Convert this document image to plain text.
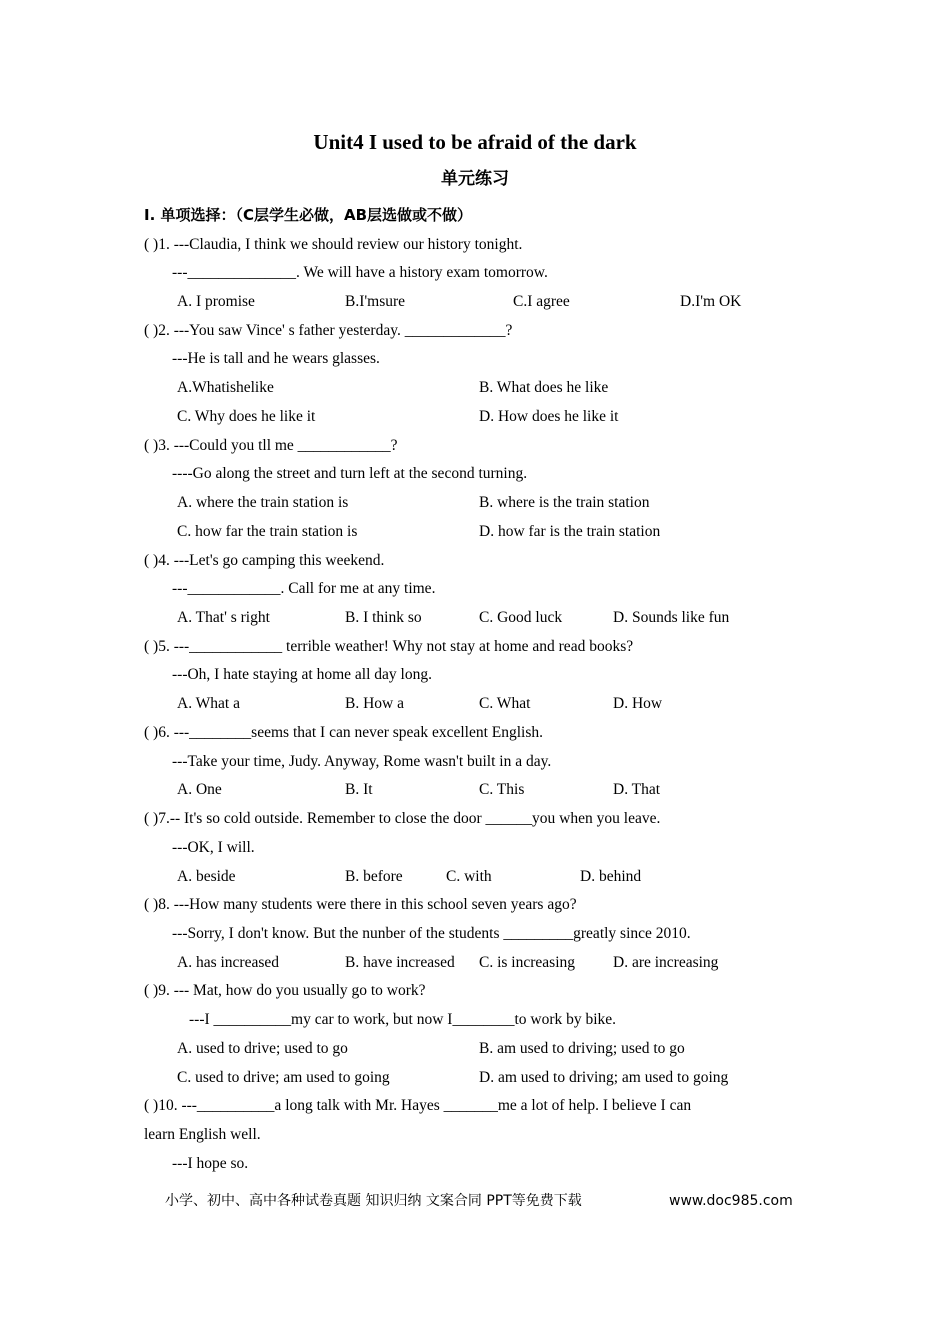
Unit4 I used to be afraid of the dark
单元练习
I. 单项选择：（C层学生必做，AB层选做或不做）
( )1. ---Claudia, I think we should review our history tonight.
---______________. We will have a history exam tomorrow.
A. I promise	B.I'msure	C.I agree	D.I'm OK
( )2. ---You saw Vince' s father yesterday. _____________?
---He is tall and he wears glasses.
A.Whatishelike	B. What does he like
C. Why does he like it	D. How does he like it
( )3. ---Could you tll me ____________?
----Go along the street and turn left at the second turning.
A. where the train station is	B. where is the train station
C. how far the train station is	D. how far is the train station
( )4. ---Let's go camping this weekend.
---____________. Call for me at any time.
A. That' s right	B. I think so	C. Good luck	D. Sounds like fun
( )5. ---____________ terrible weather! Why not stay at home and read books?
---Oh, I hate staying at home all day long.
A. What a	B. How a	C. What	D. How
( )6. ---________seems that I can never speak excellent English.
---Take your time, Judy. Anyway, Rome wasn't built in a day.
A. One	B. It	C. This	D. That
( )7.-- It's so cold outside. Remember to close the door ______you when you leave.
---OK, I will.
A. beside	B. before	C. with	D. behind
( )8. ---How many students were there in this school seven years ago?
---Sorry, I don't know. But the nunber of the students _________greatly since 2010.
A. has increased	B. have increased C. is increasing D. are increasing
( )9. --- Mat, how do you usually go to work?
---I __________my car to work, but now I________to work by bike.
A. used to drive; used to go	B. am used to driving; used to go
C. used to drive; am used to going	D. am used to driving; am used to going
( )10. ---__________a long talk with Mr. Hayes _______me a lot of help. I believe I can
learn English well.
---I hope so.
小学、初中、高中各种试卷真题 知识归纳 文案合同 PPT等免费下载	www.doc985.com
